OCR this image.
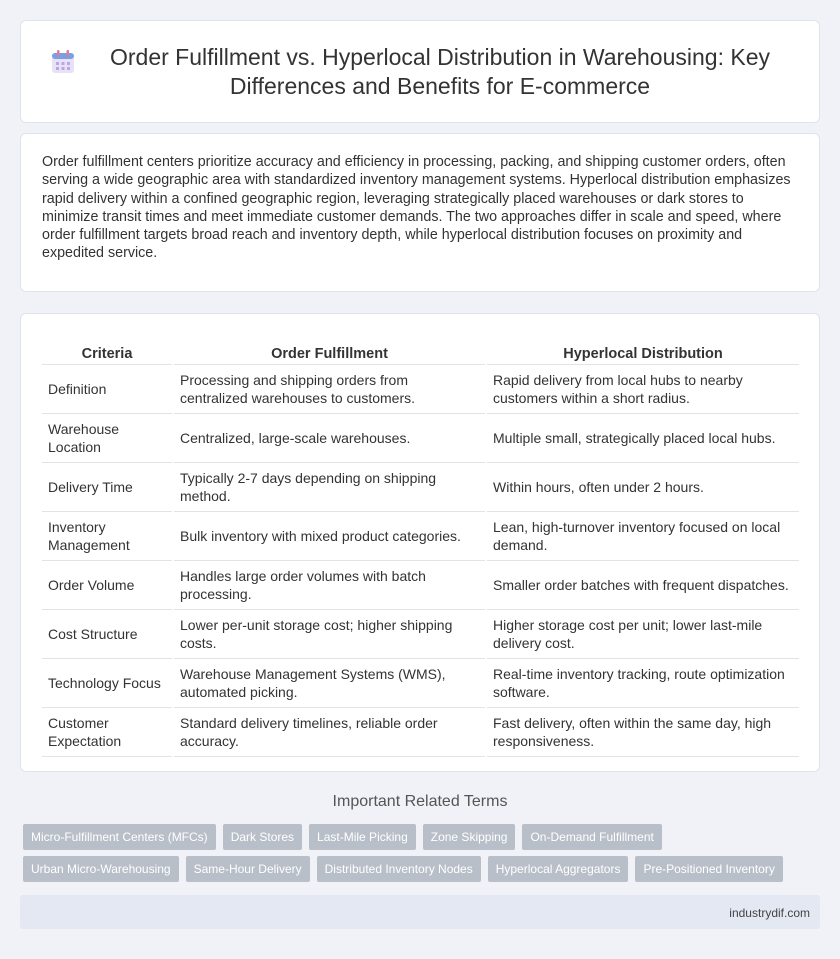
Order Fulfillment vs. Hyperlocal Distribution in Warehousing: Key Differences and Benefits for E-commerce

Order fulfillment centers prioritize accuracy and efficiency in processing, packing, and shipping customer orders, often serving a wide geographic area with standardized inventory management systems. Hyperlocal distribution emphasizes rapid delivery within a confined geographic region, leveraging strategically placed warehouses or dark stores to minimize transit times and meet immediate customer demands. The two approaches differ in scale and speed, where order fulfillment targets broad reach and inventory depth, while hyperlocal distribution focuses on proximity and expedited service.

Criteria	Order Fulfillment	Hyperlocal Distribution
Definition	Processing and shipping orders from centralized warehouses to customers.	Rapid delivery from local hubs to nearby customers within a short radius.
Warehouse Location	Centralized, large-scale warehouses.	Multiple small, strategically placed local hubs.
Delivery Time	Typically 2-7 days depending on shipping method.	Within hours, often under 2 hours.
Inventory Management	Bulk inventory with mixed product categories.	Lean, high-turnover inventory focused on local demand.
Order Volume	Handles large order volumes with batch processing.	Smaller order batches with frequent dispatches.
Cost Structure	Lower per-unit storage cost; higher shipping costs.	Higher storage cost per unit; lower last-mile delivery cost.
Technology Focus	Warehouse Management Systems (WMS), automated picking.	Real-time inventory tracking, route optimization software.
Customer Expectation	Standard delivery timelines, reliable order accuracy.	Fast delivery, often within the same day, high responsiveness.
Important Related Terms
Micro-Fulfillment Centers (MFCs)	Dark Stores	Last-Mile Picking	Zone Skipping	On-Demand Fulfillment
Urban Micro-Warehousing	Same-Hour Delivery	Distributed Inventory Nodes	Hyperlocal Aggregators	Pre-Positioned Inventory
industrydif.com
